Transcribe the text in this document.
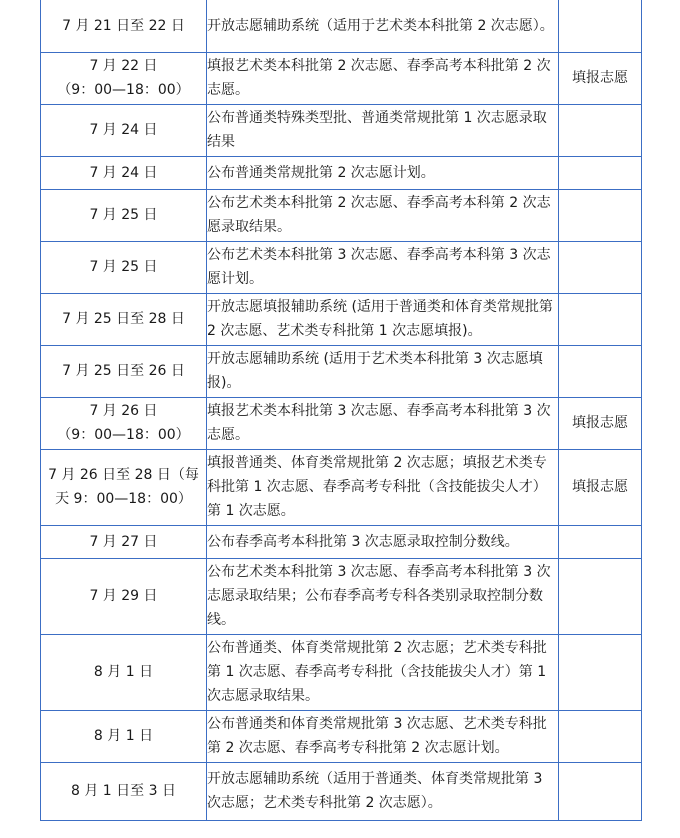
7 月 21 日至 22 日	开放志愿辅助系统（适用于艺术类本科批第 2 次志愿）。	

7 月 22 日
（9：00—18：00）	填报艺术类本科批第 2 次志愿、春季高考本科批第 2 次志愿。	填报志愿

7 月 24 日	公布普通类特殊类型批、普通类常规批第 1 次志愿录取结果	

7 月 24 日	公布普通类常规批第 2 次志愿计划。	

7 月 25 日	公布艺术类本科批第 2 次志愿、春季高考本科第 2 次志愿录取结果。	

7 月 25 日	公布艺术类本科批第 3 次志愿、春季高考本科第 3 次志愿计划。	

7 月 25 日至 28 日	开放志愿填报辅助系统 (适用于普通类和体育类常规批第 2 次志愿、艺术类专科批第 1 次志愿填报)。	

7 月 25 日至 26 日	开放志愿辅助系统 (适用于艺术类本科批第 3 次志愿填报)。	

7 月 26 日
（9：00—18：00）	填报艺术类本科批第 3 次志愿、春季高考本科批第 3 次志愿。	填报志愿

7 月 26 日至 28 日（每
天 9：00—18：00）	填报普通类、体育类常规批第 2 次志愿；填报艺术类专科批第 1 次志愿、春季高考专科批（含技能拔尖人才）第 1 次志愿。	填报志愿

7 月 27 日	公布春季高考本科批第 3 次志愿录取控制分数线。	

7 月 29 日	公布艺术类本科批第 3 次志愿、春季高考本科批第 3 次志愿录取结果；公布春季高考专科各类别录取控制分数线。	

8 月 1 日	公布普通类、体育类常规批第 2 次志愿；艺术类专科批第 1 次志愿、春季高考专科批（含技能拔尖人才）第 1 次志愿录取结果。	

8 月 1 日	公布普通类和体育类常规批第 3 次志愿、艺术类专科批第 2 次志愿、春季高考专科批第 2 次志愿计划。	

8 月 1 日至 3 日	开放志愿辅助系统（适用于普通类、体育类常规批第 3 次志愿；艺术类专科批第 2 次志愿）。	
